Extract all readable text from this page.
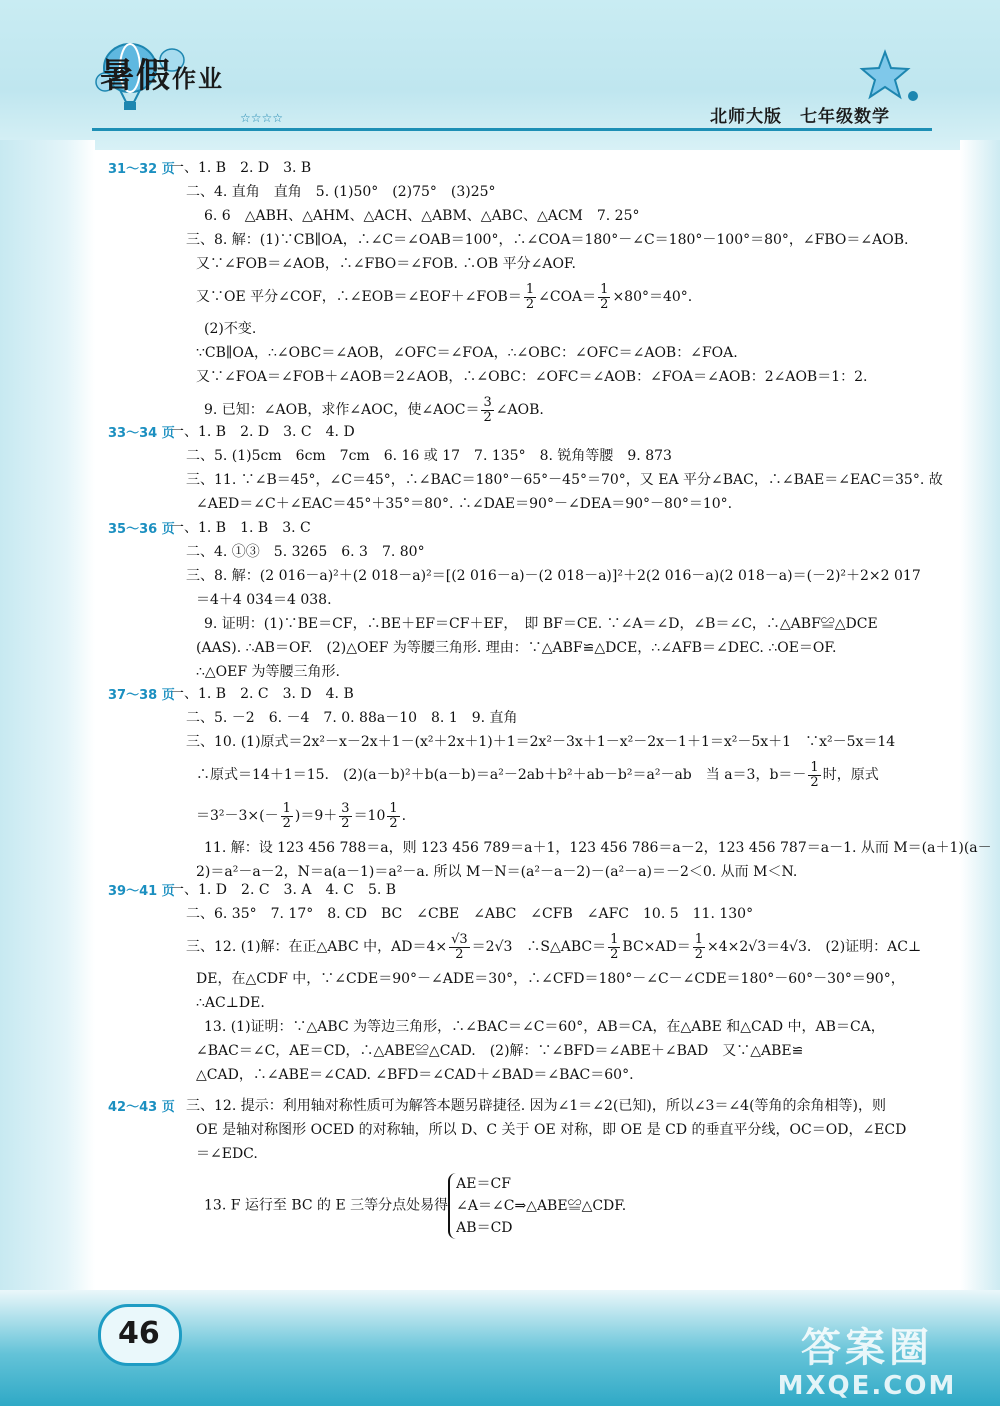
☆☆☆☆
暑假作业
北师大版 七年级数学
31～32 页
一、1. B　2. D　3. B
二、4. 直角　直角　5. (1)50°　(2)75°　(3)25°
6. 6　△ABH、△AHM、△ACH、△ABM、△ABC、△ACM　7. 25°
三、8. 解：(1)∵CB∥OA，∴∠C＝∠OAB＝100°，∴∠COA＝180°－∠C＝180°－100°＝80°，∠FBO＝∠AOB.
又∵∠FOB＝∠AOB，∴∠FBO＝∠FOB. ∴OB 平分∠AOF.
又∵OE 平分∠COF，∴∠EOB＝∠EOF＋∠FOB＝ $\frac{1}{2}$ ∠COA＝ $\frac{1}{2} \times 80^\circ=40^\circ$.
(2)不变.
∵CB∥OA，∴∠OBC＝∠AOB，∠OFC＝∠FOA，∴∠OBC：∠OFC＝∠AOB：∠FOA.
又∵∠FOA＝∠FOB＋∠AOB＝2∠AOB，∴∠OBC：∠OFC＝∠AOB：∠FOA＝∠AOB：2∠AOB＝1：2.
9. 已知：∠AOB，求作∠AOC，使∠AOC＝ $\frac{3}{2}$ ∠AOB.
33～34 页
一、1. B　2. D　3. C　4. D
二、5. (1)5cm　6cm　7cm　6. 16 或 17　7. 135°　8. 锐角等腰　9. 873
三、11. ∵∠B＝45°，∠C＝45°，∴∠BAC＝180°－65°－45°＝70°，又 EA 平分∠BAC，∴∠BAE＝∠EAC＝35°. 故
∠AED＝∠C＋∠EAC＝45°＋35°＝80°. ∴∠DAE＝90°－∠DEA＝90°－80°＝10°.
35～36 页
一、1. B　1. B　3. C
二、4. ①③　5. 3265　6. 3　7. 80°
三、8. 解：(2 016－a)²＋(2 018－a)²＝[(2 016－a)－(2 018－a)]²＋2(2 016－a)(2 018－a)＝(－2)²＋2×2 017
＝4＋4 034＝4 038.
9. 证明：(1)∵BE＝CF，∴BE＋EF＝CF＋EF，　即 BF＝CE. ∵∠A＝∠D，∠B＝∠C，∴△ABF≌△DCE
(AAS). ∴AB＝OF.　(2)△OEF 为等腰三角形. 理由：∵△ABF≌△DCE，∴∠AFB＝∠DEC. ∴OE＝OF.
∴△OEF 为等腰三角形.
37～38 页
一、1. B　2. C　3. D　4. B
二、5. －2　6. －4　7. 0. 88a－10　8. 1　9. 直角
三、10. (1)原式＝2x²－x－2x＋1－(x²＋2x＋1)＋1＝2x²－3x＋1－x²－2x－1＋1＝x²－5x＋1　∵x²－5x＝14
∴原式＝14＋1＝15.　(2)(a－b)²＋b(a－b)＝a²－2ab＋b²＋ab－b²＝a²－ab　当 a＝3，$b=- \frac{1}{2}$ 时，原式
$=3^2-3\times(- \frac{1}{2} )=9+ \frac{3}{2} =10 \frac{1}{2}$ .
11. 解：设 123 456 788＝a，则 123 456 789＝a＋1，123 456 786＝a－2，123 456 787＝a－1. 从而 M＝(a＋1)(a－
2)＝a²－a－2，N＝a(a－1)＝a²－a. 所以 M－N＝(a²－a－2)－(a²－a)＝－2＜0. 从而 M＜N.
39～41 页
一、1. D　2. C　3. A　4. C　5. B
二、6. 35°　7. 17°　8. CD　BC　∠CBE　∠ABC　∠CFB　∠AFC　10. 5　11. 130°
三、12. (1)解：在正△ABC 中，$AD=4\times \frac{√3}{2} =2√3$　∴S△ABC＝ $\frac{1}{2} BC\times AD= \frac{1}{2} \times 4\times 2√3=4√3$.　(2)证明：AC⊥
DE，在△CDF 中，∵∠CDE＝90°－∠ADE＝30°，∴∠CFD＝180°－∠C－∠CDE＝180°－60°－30°＝90°，
∴AC⊥DE.
13. (1)证明：∵△ABC 为等边三角形，∴∠BAC＝∠C＝60°，AB＝CA，在△ABE 和△CAD 中，AB＝CA，
∠BAC＝∠C，AE＝CD，∴△ABE≌△CAD.　(2)解：∵∠BFD＝∠ABE＋∠BAD　又∵△ABE≌
△CAD，∴∠ABE＝∠CAD. ∠BFD＝∠CAD＋∠BAD＝∠BAC＝60°.
42～43 页 三、12. 提示：利用轴对称性质可为解答本题另辟捷径. 因为∠1＝∠2(已知)，所以∠3＝∠4(等角的余角相等)，则
OE 是轴对称图形 OCED 的对称轴，所以 D、C 关于 OE 对称，即 OE 是 CD 的垂直平分线，OC＝OD，∠ECD
＝∠EDC.
13. F 运行至 BC 的 E 三等分点处易得
AE＝CF
∠A＝∠C⇒△ABE≌△CDF.
AB＝CD
46	答案圈
MXQE.COM
